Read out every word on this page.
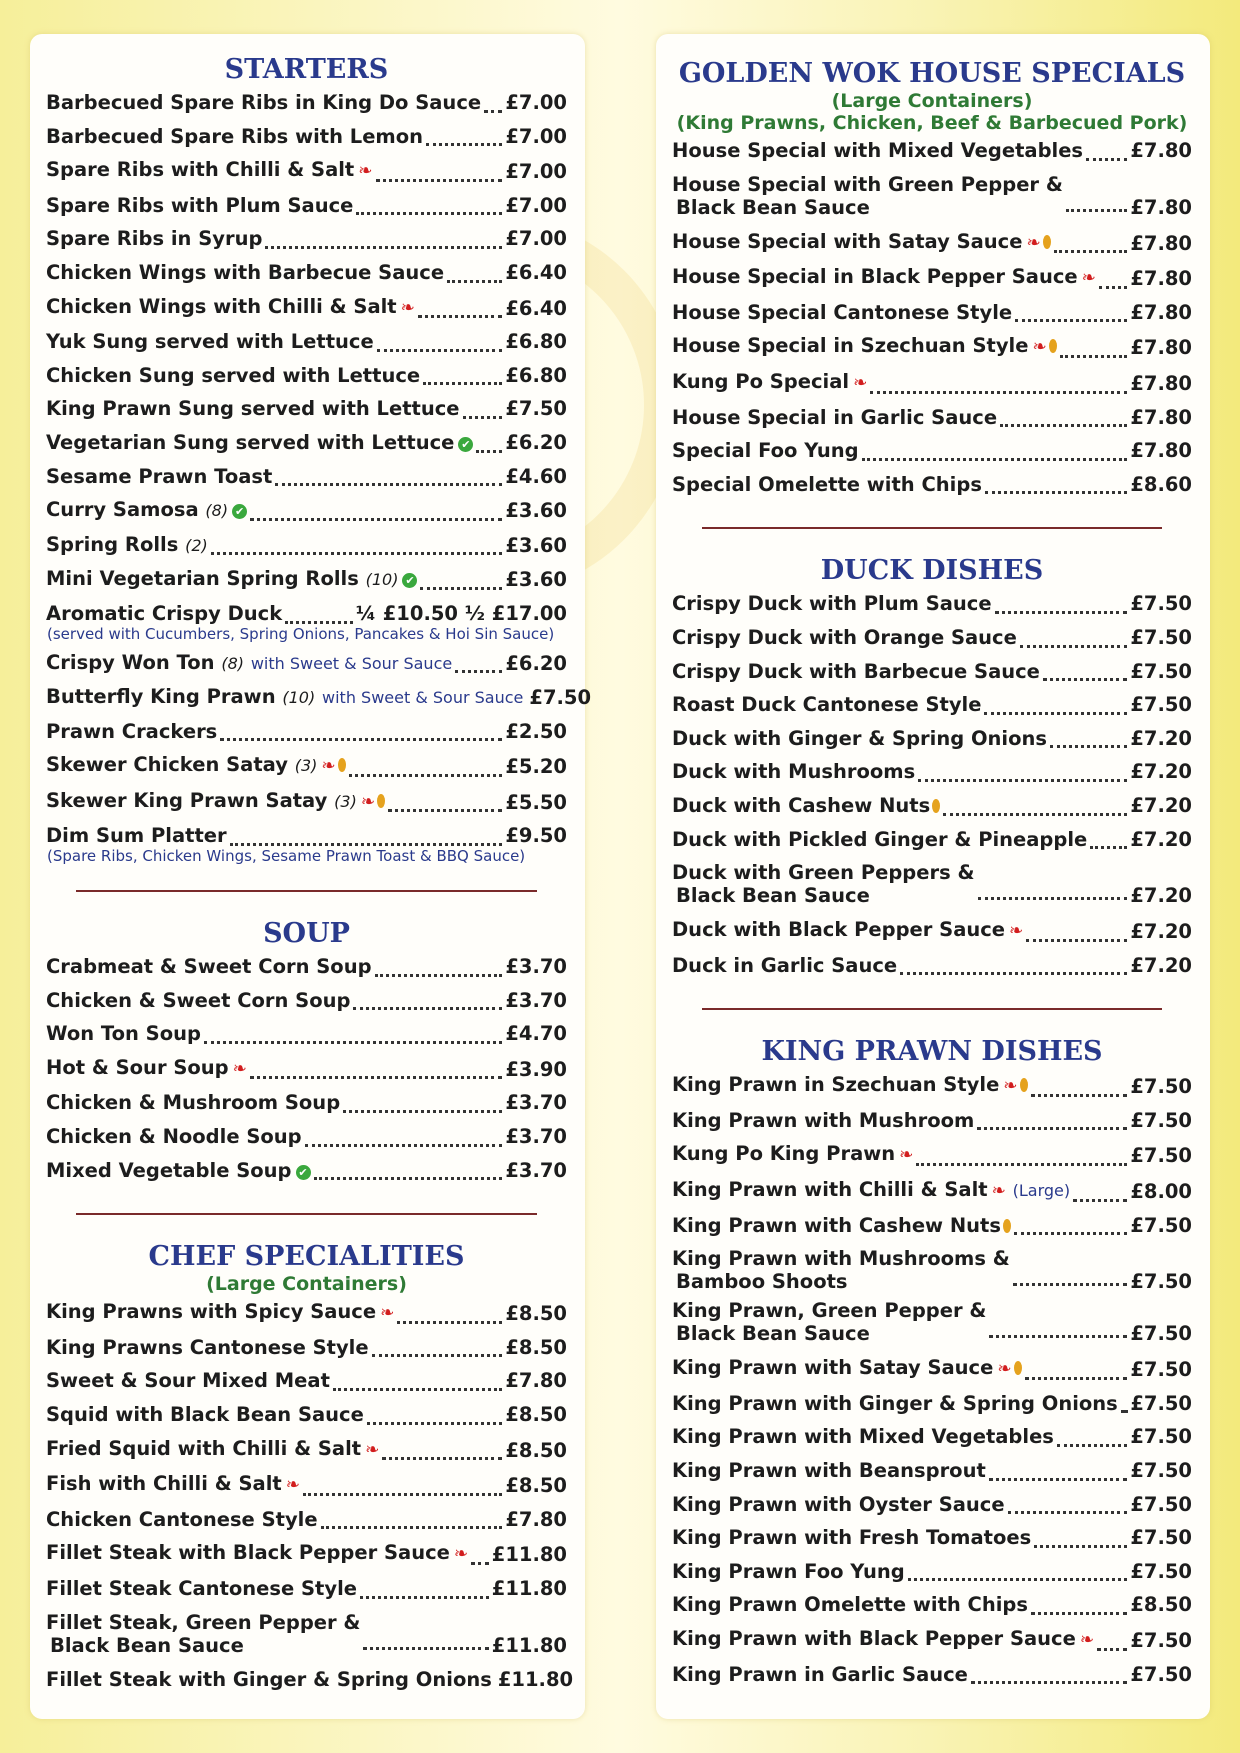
STARTERS
Barbecued Spare Ribs in King Do Sauce £7.00
Barbecued Spare Ribs with Lemon	£7.00
Spare Ribs with Chilli & Salt ❧	£7.00
Spare Ribs with Plum Sauce	£7.00
Spare Ribs in Syrup	£7.00
Chicken Wings with Barbecue Sauce	£6.40
Chicken Wings with Chilli & Salt ❧	£6.40
Yuk Sung served with Lettuce	£6.80
Chicken Sung served with Lettuce	£6.80
King Prawn Sung served with Lettuce £7.50
Vegetarian Sung served with Lettuce ✔ £6.20
Sesame Prawn Toast	£4.60
Curry Samosa (8) ✔	£3.60
Spring Rolls (2)	£3.60
Mini Vegetarian Spring Rolls (10) ✔	£3.60
Aromatic Crispy Duck	¼ £10.50 ½ £17.00
(served with Cucumbers, Spring Onions, Pancakes & Hoi Sin Sauce)
Crispy Won Ton (8) with Sweet & Sour Sauce	£6.20
Butterfly King Prawn (10) with Sweet & Sour Sauce £7.50
Prawn Crackers	£2.50
Skewer Chicken Satay (3) ❧	£5.20
Skewer King Prawn Satay (3) ❧	£5.50
Dim Sum Platter	£9.50
(Spare Ribs, Chicken Wings, Sesame Prawn Toast & BBQ Sauce)
SOUP
Crabmeat & Sweet Corn Soup	£3.70
Chicken & Sweet Corn Soup	£3.70
Won Ton Soup	£4.70
Hot & Sour Soup ❧	£3.90
Chicken & Mushroom Soup	£3.70
Chicken & Noodle Soup	£3.70
Mixed Vegetable Soup ✔	£3.70
CHEF SPECIALITIES
(Large Containers)
King Prawns with Spicy Sauce ❧	£8.50
King Prawns Cantonese Style	£8.50
Sweet & Sour Mixed Meat	£7.80
Squid with Black Bean Sauce	£8.50
Fried Squid with Chilli & Salt ❧	£8.50
Fish with Chilli & Salt ❧	£8.50
Chicken Cantonese Style	£7.80
Fillet Steak with Black Pepper Sauce ❧ £11.80
Fillet Steak Cantonese Style	£11.80
Fillet Steak, Green Pepper &
Black Bean Sauce	£11.80
Fillet Steak with Ginger & Spring Onions £11.80
GOLDEN WOK HOUSE SPECIALS
(Large Containers)
(King Prawns, Chicken, Beef & Barbecued Pork)
House Special with Mixed Vegetables £7.80
House Special with Green Pepper &
Black Bean Sauce	£7.80
House Special with Satay Sauce ❧	£7.80
House Special in Black Pepper Sauce ❧ £7.80
House Special Cantonese Style	£7.80
House Special in Szechuan Style ❧	£7.80
Kung Po Special ❧	£7.80
House Special in Garlic Sauce	£7.80
Special Foo Yung	£7.80
Special Omelette with Chips	£8.60
DUCK DISHES
Crispy Duck with Plum Sauce	£7.50
Crispy Duck with Orange Sauce	£7.50
Crispy Duck with Barbecue Sauce	£7.50
Roast Duck Cantonese Style	£7.50
Duck with Ginger & Spring Onions	£7.20
Duck with Mushrooms	£7.20
Duck with Cashew Nuts	£7.20
Duck with Pickled Ginger & Pineapple £7.20
Duck with Green Peppers &
Black Bean Sauce	£7.20
Duck with Black Pepper Sauce ❧	£7.20
Duck in Garlic Sauce	£7.20
KING PRAWN DISHES
King Prawn in Szechuan Style ❧	£7.50
King Prawn with Mushroom	£7.50
Kung Po King Prawn ❧	£7.50
King Prawn with Chilli & Salt ❧ (Large)	£8.00
King Prawn with Cashew Nuts	£7.50
King Prawn with Mushrooms &
Bamboo Shoots	£7.50
King Prawn, Green Pepper &
Black Bean Sauce	£7.50
King Prawn with Satay Sauce ❧	£7.50
King Prawn with Ginger & Spring Onions £7.50
King Prawn with Mixed Vegetables	£7.50
King Prawn with Beansprout	£7.50
King Prawn with Oyster Sauce	£7.50
King Prawn with Fresh Tomatoes	£7.50
King Prawn Foo Yung	£7.50
King Prawn Omelette with Chips	£8.50
King Prawn with Black Pepper Sauce ❧ £7.50
King Prawn in Garlic Sauce	£7.50
